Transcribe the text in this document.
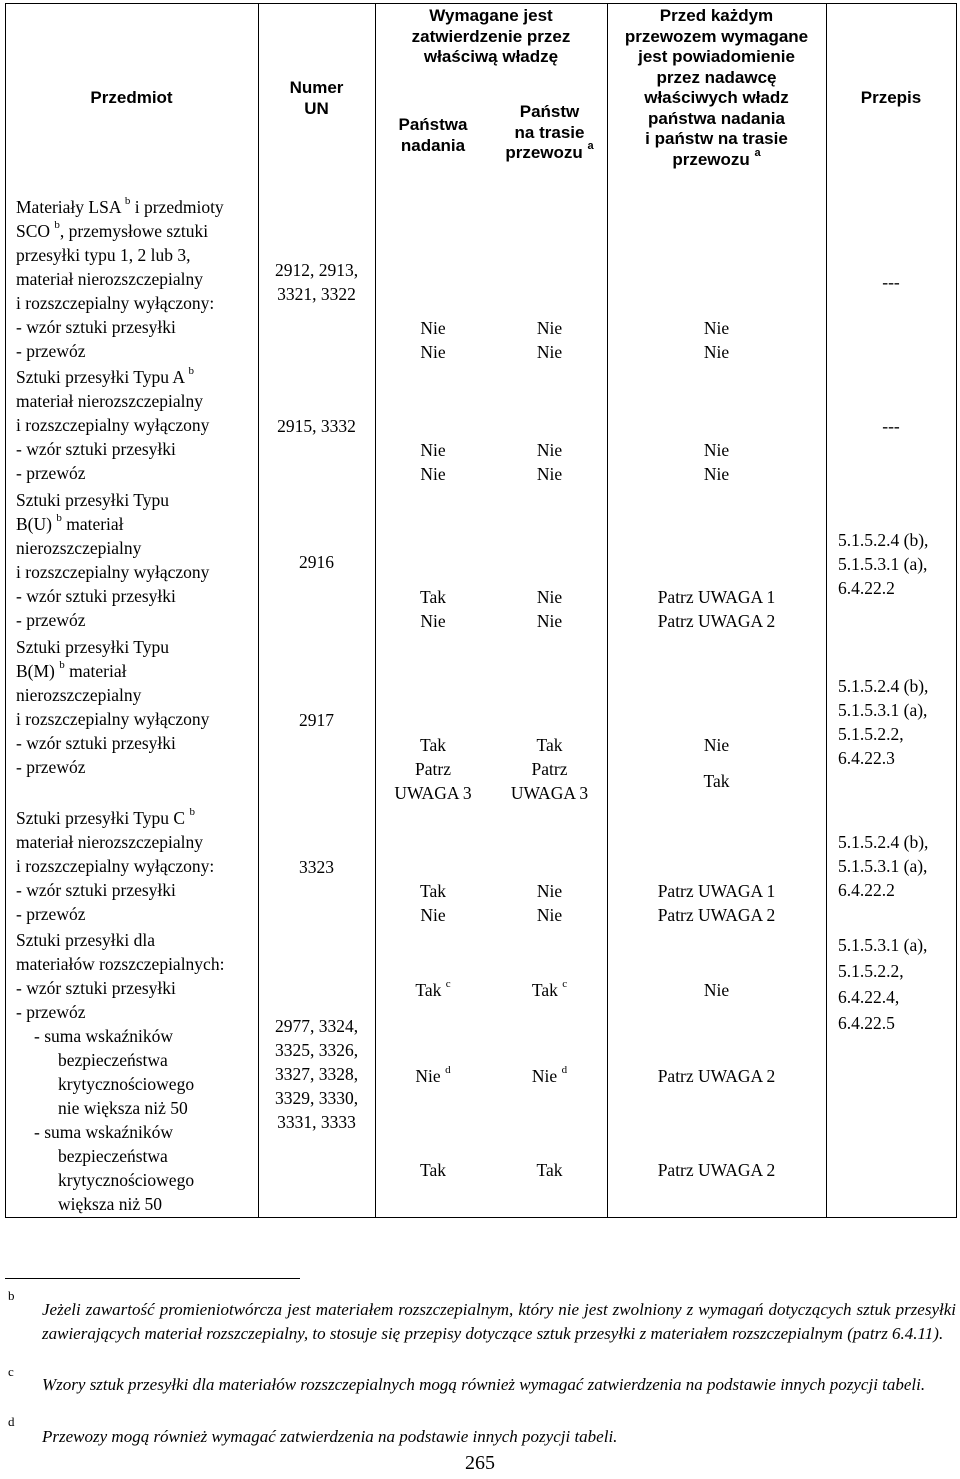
Przedmiot
Numer
UN
Wymagane jest
zatwierdzenie przez
właściwą władzę
Państwa
nadania
Państw
na trasie
przewozu $^a$
Przed każdym
przewozem wymagane
jest powiadomienie
przez nadawcę
właściwych władz
państwa nadania
i państw na trasie
przewozu $^a$
Przepis
Materiały LSA $^b$ i przedmioty
SCO $^b$, przemysłowe sztuki
przesyłki typu 1, 2 lub 3,
materiał nierozszczepialny
i rozszczepialny wyłączony:
- wzór sztuki przesyłki
- przewóz
2912, 2913,
3321, 3322
Nie
Nie
Nie
Nie
Nie
Nie
---
Sztuki przesyłki Typu A $^b$
materiał nierozszczepialny
i rozszczepialny wyłączony
- wzór sztuki przesyłki
- przewóz
2915, 3332
Nie
Nie
Nie
Nie
Nie
Nie
---
Sztuki przesyłki Typu
B(U) $^b$ materiał
nierozszczepialny
i rozszczepialny wyłączony
- wzór sztuki przesyłki
- przewóz
2916
Tak
Nie
Nie
Nie
Patrz UWAGA 1
Patrz UWAGA 2
5.1.5.2.4 (b),
5.1.5.3.1 (a),
6.4.22.2
Sztuki przesyłki Typu
B(M) $^b$ materiał
nierozszczepialny
i rozszczepialny wyłączony
- wzór sztuki przesyłki
- przewóz
2917
Tak
Patrz
UWAGA 3
Tak
Patrz
UWAGA 3
Nie
Tak
5.1.5.2.4 (b),
5.1.5.3.1 (a),
5.1.5.2.2,
6.4.22.3
Sztuki przesyłki Typu C $^b$
materiał nierozszczepialny
i rozszczepialny wyłączony:
- wzór sztuki przesyłki
- przewóz
3323
Tak
Nie
Nie
Nie
Patrz UWAGA 1
Patrz UWAGA 2
5.1.5.2.4 (b),
5.1.5.3.1 (a),
6.4.22.2
Sztuki przesyłki dla
materiałów rozszczepialnych:
- wzór sztuki przesyłki
- przewóz
- suma wskaźników
bezpieczeństwa
krytycznościowego
nie większa niż 50
- suma wskaźników
bezpieczeństwa
krytycznościowego
większa niż 50
2977, 3324,
3325, 3326,
3327, 3328,
3329, 3330,
3331, 3333
Tak $^c$
Nie $^d$
Tak
Tak $^c$
Nie $^d$
Tak
Nie
Patrz UWAGA 2
Patrz UWAGA 2
5.1.5.3.1 (a),
5.1.5.2.2,
6.4.22.4,
6.4.22.5
b
Jeżeli zawartość promieniotwórcza jest materiałem rozszczepialnym, który nie jest zwolniony z wymagań dotyczących sztuk przesyłki zawierających materiał rozszczepialny, to stosuje się przepisy dotyczące sztuk przesyłki z materiałem rozszczepialnym (patrz 6.4.11).
c
Wzory sztuk przesyłki dla materiałów rozszczepialnych mogą również wymagać zatwierdzenia na podstawie innych pozycji tabeli.
d
Przewozy mogą również wymagać zatwierdzenia na podstawie innych pozycji tabeli.
265
